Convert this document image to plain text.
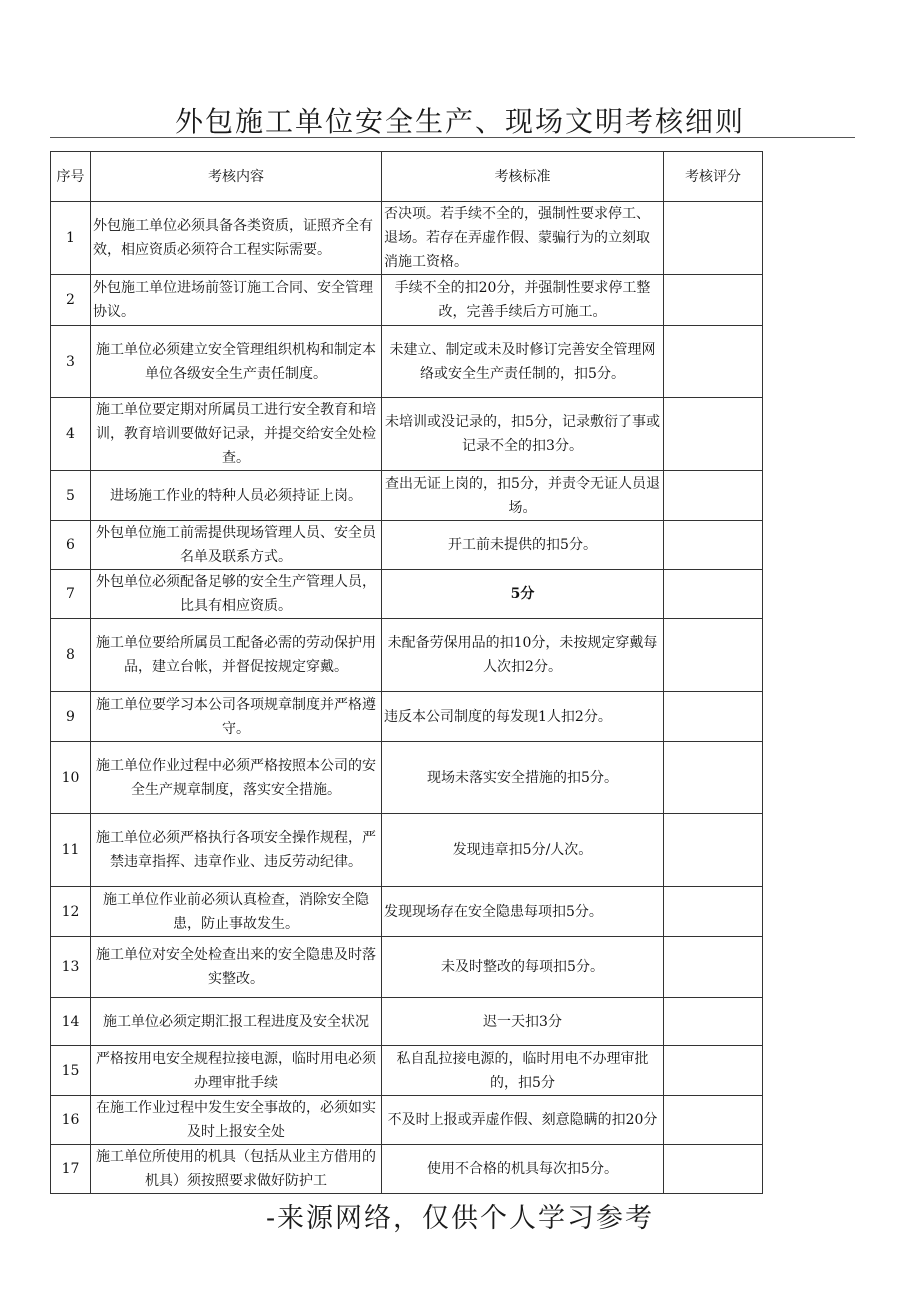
外包施工单位安全生产、现场文明考核细则
序号	考核内容	考核标准	考核评分
1	外包施工单位必须具备各类资质，证照齐全有效，相应资质必须符合工程实际需要。	否决项。若手续不全的，强制性要求停工、退场。若存在弄虚作假、蒙骗行为的立刻取消施工资格。	
2	外包施工单位进场前签订施工合同、安全管理协议。	手续不全的扣20分，并强制性要求停工整改，完善手续后方可施工。	
3	施工单位必须建立安全管理组织机构和制定本单位各级安全生产责任制度。	未建立、制定或未及时修订完善安全管理网络或安全生产责任制的，扣5分。	
4	施工单位要定期对所属员工进行安全教育和培训，教育培训要做好记录，并提交给安全处检查。	未培训或没记录的，扣5分，记录敷衍了事或记录不全的扣3分。	
5	进场施工作业的特种人员必须持证上岗。	查出无证上岗的，扣5分，并责令无证人员退场。	
6	外包单位施工前需提供现场管理人员、安全员名单及联系方式。	开工前未提供的扣5分。	
7	外包单位必须配备足够的安全生产管理人员，比具有相应资质。	5分	
8	施工单位要给所属员工配备必需的劳动保护用品，建立台帐，并督促按规定穿戴。	未配备劳保用品的扣10分，未按规定穿戴每人次扣2分。	
9	施工单位要学习本公司各项规章制度并严格遵守。	违反本公司制度的每发现1人扣2分。	
10	施工单位作业过程中必须严格按照本公司的安全生产规章制度，落实安全措施。	现场未落实安全措施的扣5分。	
11	施工单位必须严格执行各项安全操作规程，严禁违章指挥、违章作业、违反劳动纪律。	发现违章扣5分/人次。	
12	施工单位作业前必须认真检查，消除安全隐患，防止事故发生。	发现现场存在安全隐患每项扣5分。	
13	施工单位对安全处检查出来的安全隐患及时落实整改。	未及时整改的每项扣5分。	
14	施工单位必须定期汇报工程进度及安全状况	迟一天扣3分	
15	严格按用电安全规程拉接电源，临时用电必须办理审批手续	私自乱拉接电源的，临时用电不办理审批的，扣5分	
16	在施工作业过程中发生安全事故的，必须如实及时上报安全处	不及时上报或弄虚作假、刻意隐瞒的扣20分	
17	施工单位所使用的机具（包括从业主方借用的机具）须按照要求做好防护工	使用不合格的机具每次扣5分。	
-来源网络，仅供个人学习参考
